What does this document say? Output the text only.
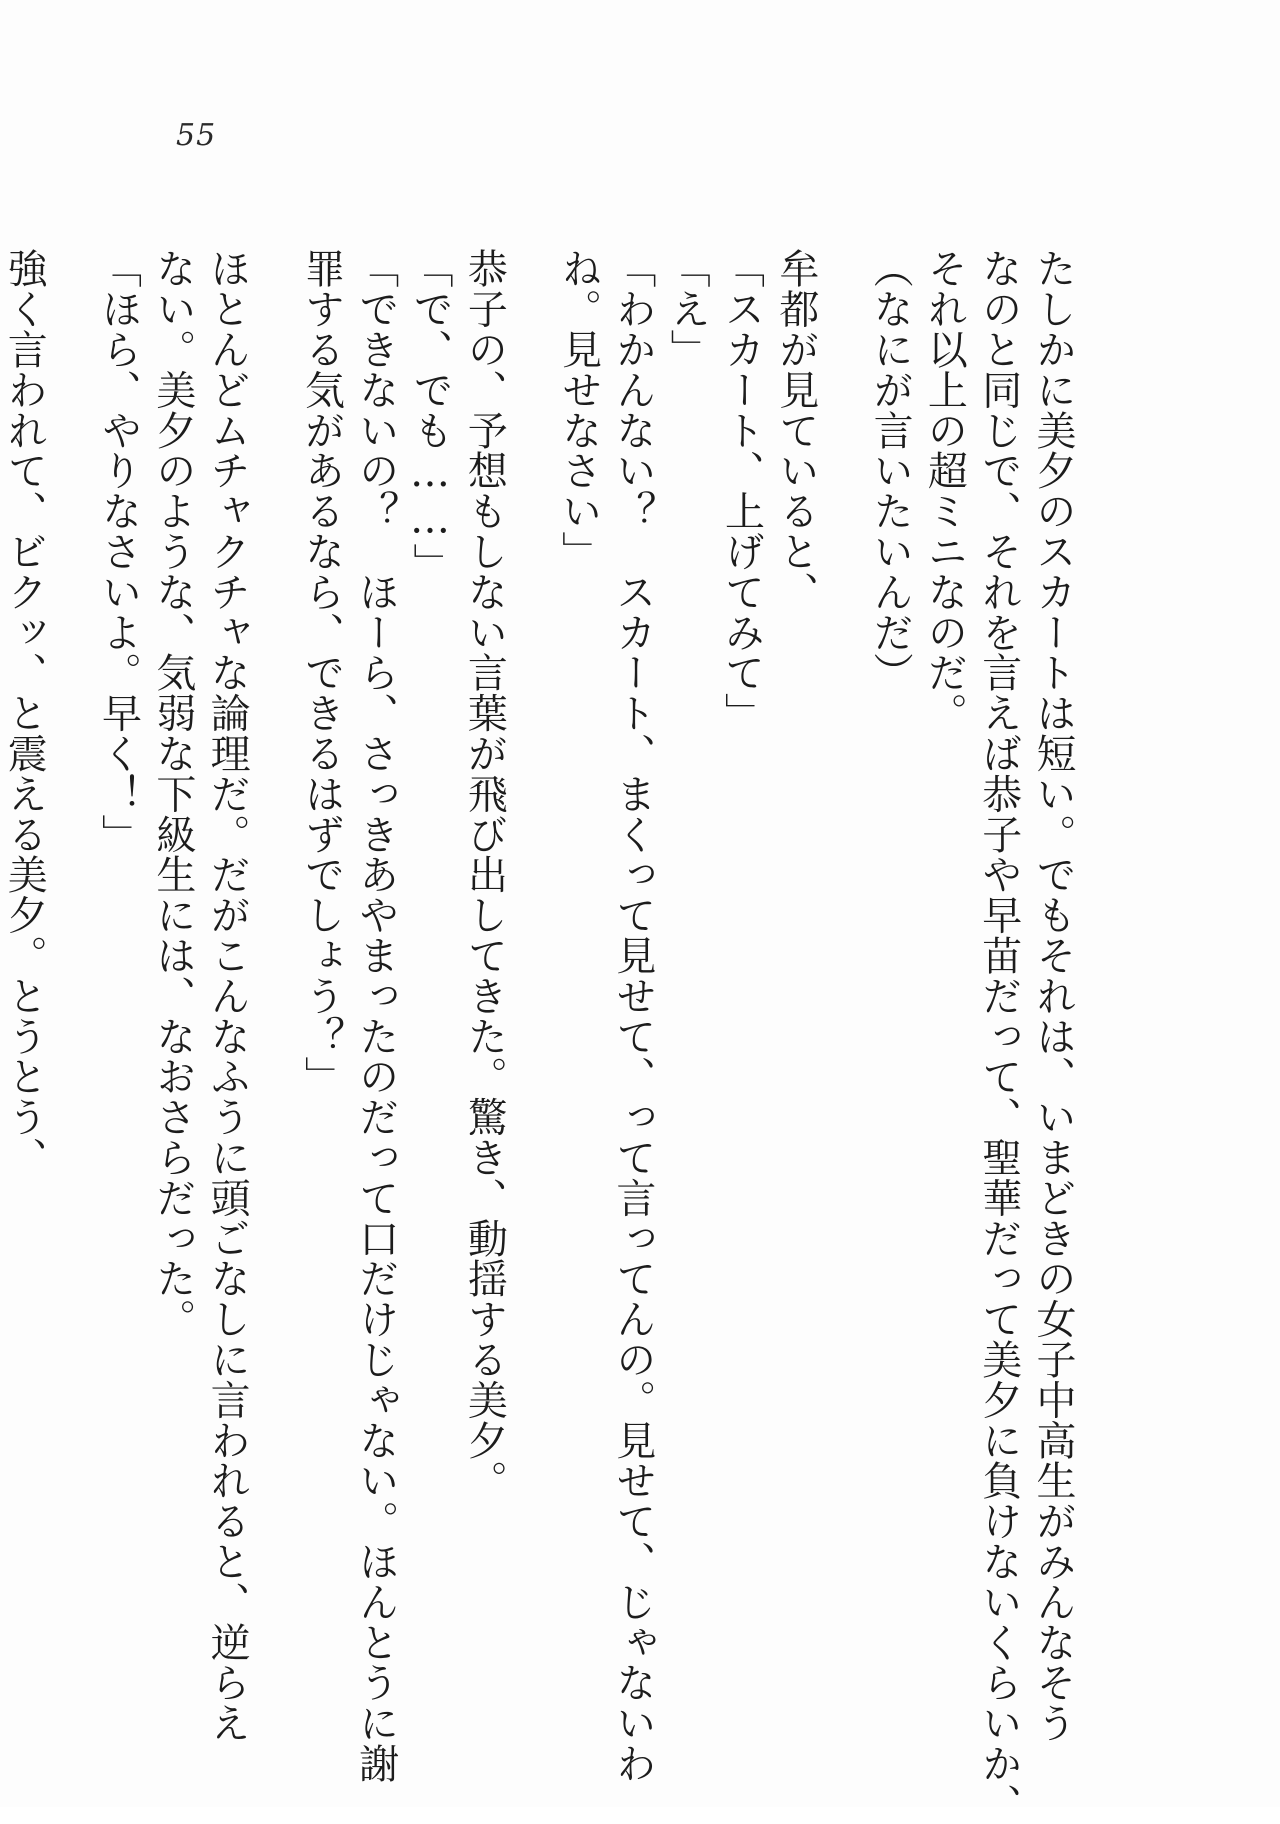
55
たしかに美夕のスカートは短い。でもそれは、いまどきの女子中高生がみんなそう
なのと同じで、それを言えば恭子や早苗だって、聖華だって美夕に負けないくらいか、
それ以上の超ミニなのだ。
（なにが言いたいんだ）
牟都が見ていると、
「スカート、上げてみて」
「え」
「わかんない？　スカート、まくって見せて、って言ってんの。見せて、じゃないわ
ね。見せなさい」
恭子の、予想もしない言葉が飛び出してきた。驚き、動揺する美夕。
「で、でも……」
「できないの？　ほーら、さっきあやまったのだって口だけじゃない。ほんとうに謝
罪する気があるなら、できるはずでしょう？」
ほとんどムチャクチャな論理だ。だがこんなふうに頭ごなしに言われると、逆らえ
ない。美夕のような、気弱な下級生には、なおさらだった。
「ほら、やりなさいよ。早く！」
強く言われて、ビクッ、と震える美夕。とうとう、
